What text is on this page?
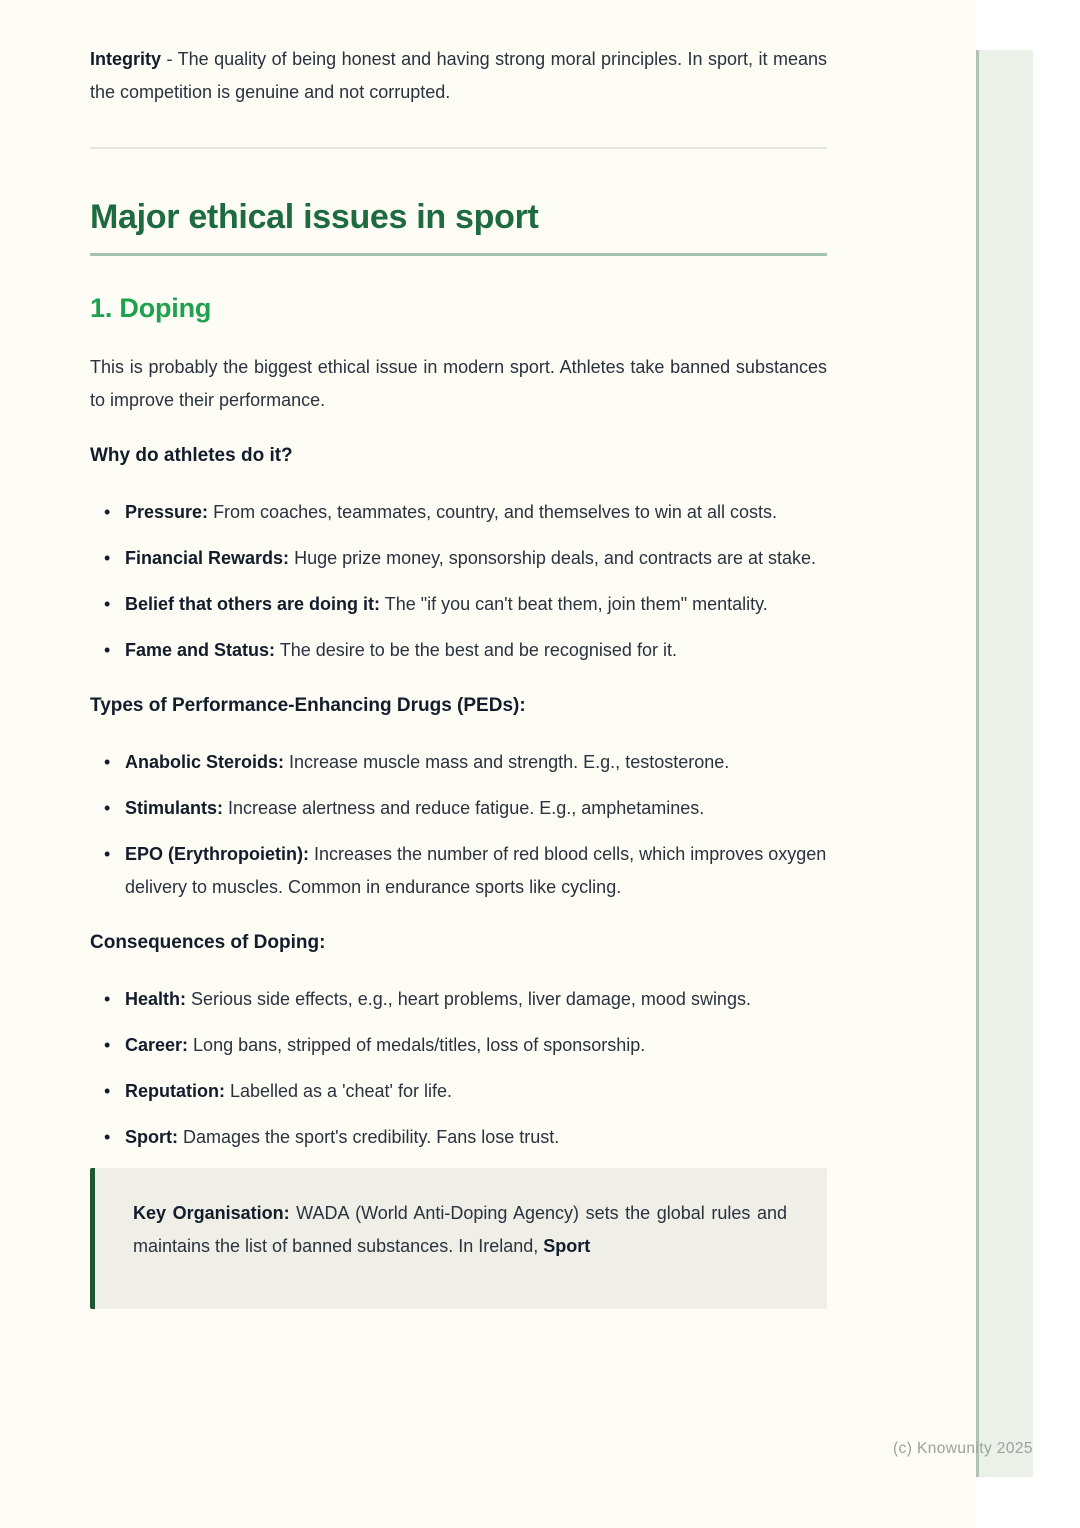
Integrity - The quality of being honest and having strong moral principles. In sport, it means the competition is genuine and not corrupted.

Major ethical issues in sport
1. Doping

This is probably the biggest ethical issue in modern sport. Athletes take banned substances to improve their performance.

Why do athletes do it?
• Pressure: From coaches, teammates, country, and themselves to win at all costs.
• Financial Rewards: Huge prize money, sponsorship deals, and contracts are at stake.
• Belief that others are doing it: The "if you can't beat them, join them" mentality.
• Fame and Status: The desire to be the best and be recognised for it.
Types of Performance-Enhancing Drugs (PEDs):
• Anabolic Steroids: Increase muscle mass and strength. E.g., testosterone.
• Stimulants: Increase alertness and reduce fatigue. E.g., amphetamines.
• EPO (Erythropoietin): Increases the number of red blood cells, which improves oxygen delivery to muscles. Common in endurance sports like cycling.
Consequences of Doping:
• Health: Serious side effects, e.g., heart problems, liver damage, mood swings.
• Career: Long bans, stripped of medals/titles, loss of sponsorship.
• Reputation: Labelled as a 'cheat' for life.
• Sport: Damages the sport's credibility. Fans lose trust.

Key Organisation: WADA (World Anti-Doping Agency) sets the global rules and maintains the list of banned substances. In Ireland, Sport

(c) Knowunity 2025
